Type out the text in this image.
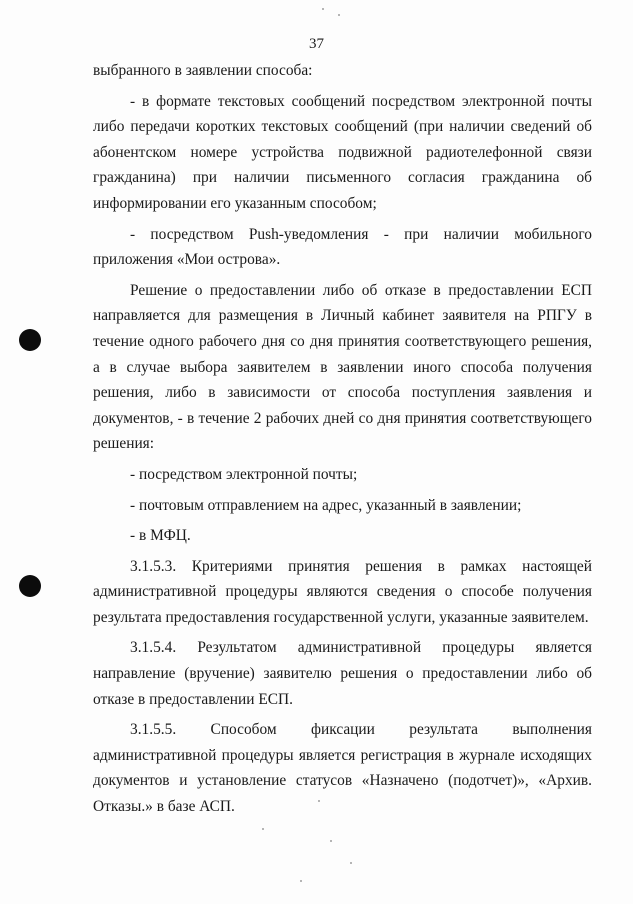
37

выбранного в заявлении способа:

- в формате текстовых сообщений посредством электронной почты либо передачи коротких текстовых сообщений (при наличии сведений об абонентском номере устройства подвижной радиотелефонной связи гражданина) при наличии письменного согласия гражданина об информировании его указанным способом;

- посредством Push-уведомления - при наличии мобильного приложения «Мои острова».

Решение о предоставлении либо об отказе в предоставлении ЕСП направляется для размещения в Личный кабинет заявителя на РПГУ в течение одного рабочего дня со дня принятия соответствующего решения, а в случае выбора заявителем в заявлении иного способа получения решения, либо в зависимости от способа поступления заявления и документов, - в течение 2 рабочих дней со дня принятия соответствующего решения:

- посредством электронной почты;

- почтовым отправлением на адрес, указанный в заявлении;

- в МФЦ.

3.1.5.3. Критериями принятия решения в рамках настоящей административной процедуры являются сведения о способе получения результата предоставления государственной услуги, указанные заявителем.

3.1.5.4. Результатом административной процедуры является направление (вручение) заявителю решения о предоставлении либо об отказе в предоставлении ЕСП.

3.1.5.5. Способом фиксации результата выполнения административной процедуры является регистрация в журнале исходящих документов и установление статусов «Назначено (подотчет)», «Архив. Отказы.» в базе АСП.
